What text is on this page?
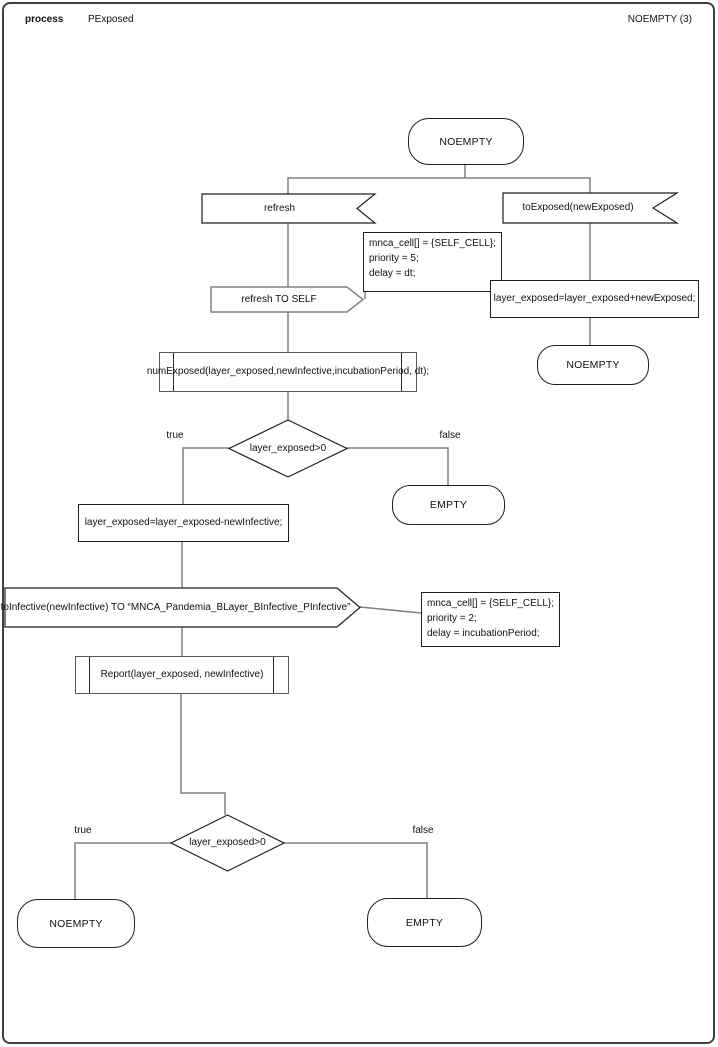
process PExposed	NOEMPTY (3)
NOEMPTY
refresh	toExposed(newExposed)
mnca_cell[] = {SELF_CELL};
priority = 5;
delay = dt;
refresh TO SELF	layer_exposed=layer_exposed+newExposed;
NOEMPTY
numExposed(layer_exposed,newInfective,incubationPeriod, dt);
layer_exposed>0
true	false
EMPTY
layer_exposed=layer_exposed-newInfective;
toInfective(newInfective) TO “MNCA_Pandemia_BLayer_BInfective_PInfective”	mnca_cell[] = {SELF_CELL};
priority = 2;
delay = incubationPeriod;
Report(layer_exposed, newInfective)
layer_exposed>0
true	false
NOEMPTY	EMPTY
